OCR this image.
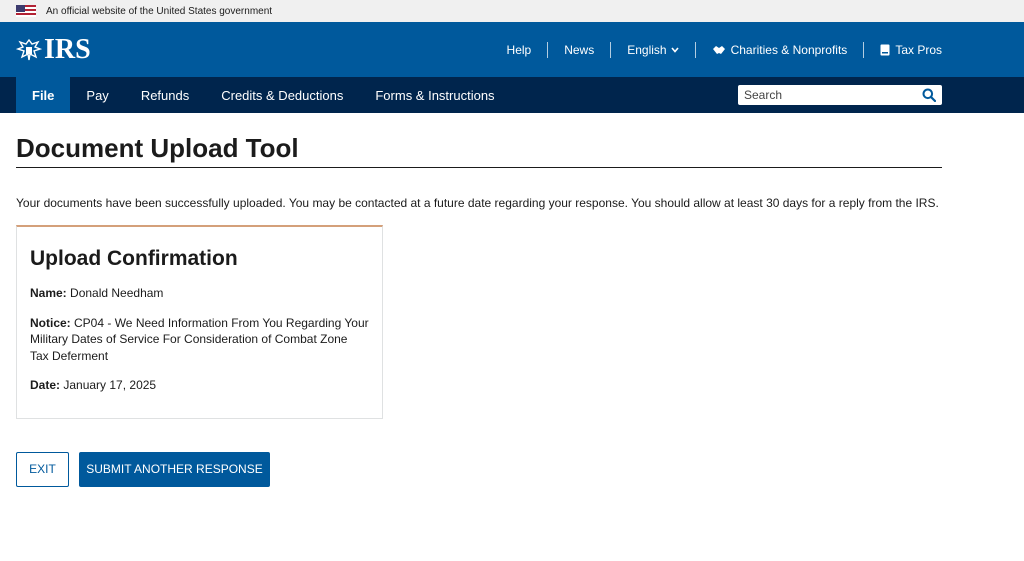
An official website of the United States government
IRS	Help	News	English	Charities & Nonprofits	Tax Pros
File Pay Refunds Credits & Deductions Forms & Instructions
Search
Document Upload Tool

Your documents have been successfully uploaded. You may be contacted at a future date regarding your response. You should allow at least 30 days for a reply from the IRS.

Upload Confirmation

Name: Donald Needham

Notice: CP04 - We Need Information From You Regarding Your Military Dates of Service For Consideration of Combat Zone Tax Deferment

Date: January 17, 2025

EXIT	SUBMIT ANOTHER RESPONSE
